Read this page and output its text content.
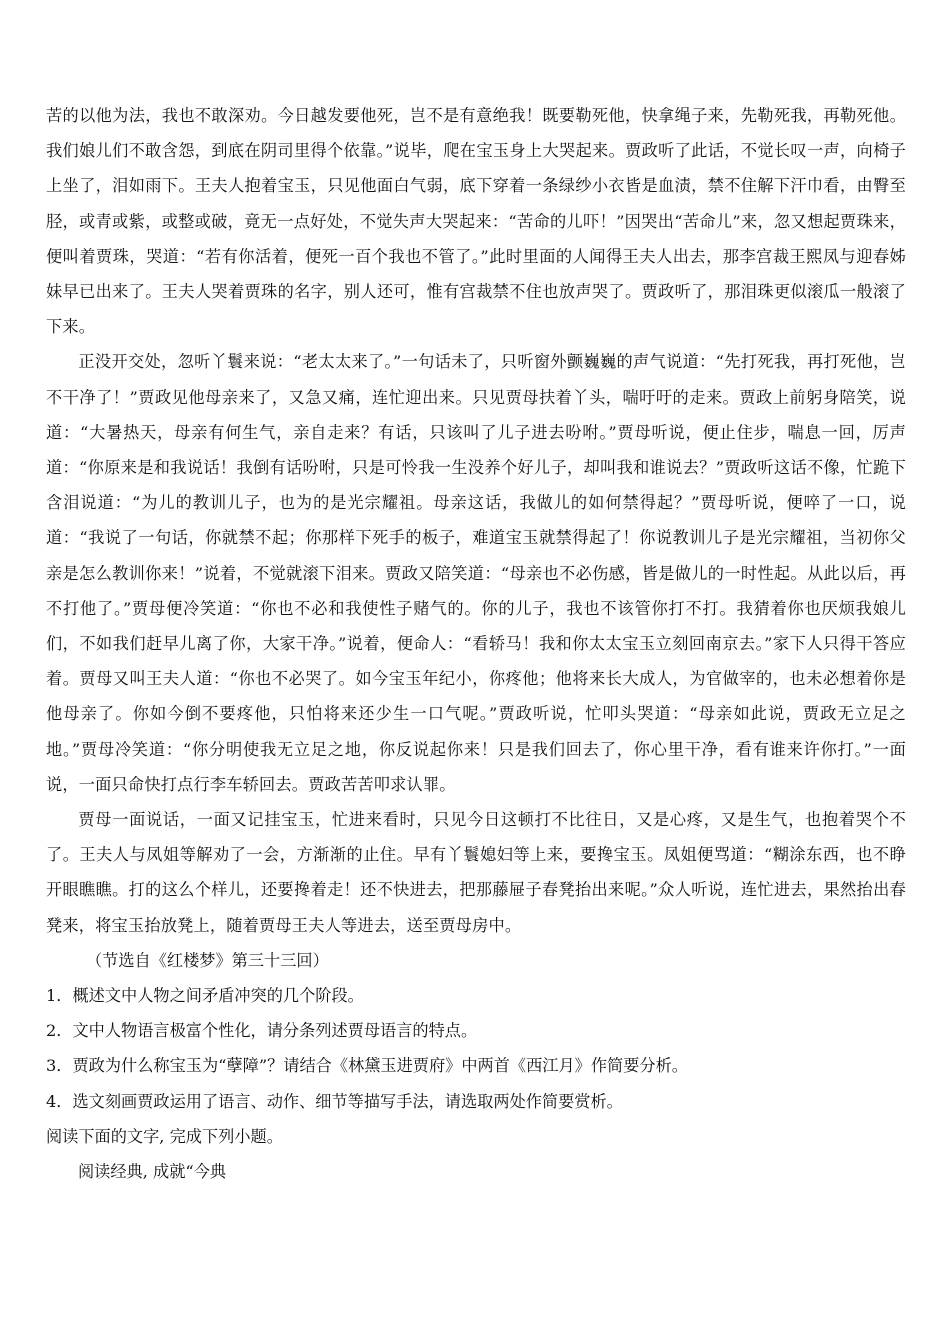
苦的以他为法，我也不敢深劝。今日越发要他死，岂不是有意绝我！既要勒死他，快拿绳子来，先勒死我，再勒死他。我们娘儿们不敢含怨，到底在阴司里得个依靠。”说毕，爬在宝玉身上大哭起来。贾政听了此话，不觉长叹一声，向椅子上坐了，泪如雨下。王夫人抱着宝玉，只见他面白气弱，底下穿着一条绿纱小衣皆是血渍，禁不住解下汗巾看，由臀至胫，或青或紫，或整或破，竟无一点好处，不觉失声大哭起来：“苦命的儿吓！”因哭出“苦命儿”来，忽又想起贾珠来，便叫着贾珠，哭道：“若有你活着，便死一百个我也不管了。”此时里面的人闻得王夫人出去，那李宫裁王熙凤与迎春姊妹早已出来了。王夫人哭着贾珠的名字，别人还可，惟有宫裁禁不住也放声哭了。贾政听了，那泪珠更似滚瓜一般滚了下来。

正没开交处，忽听丫鬟来说：“老太太来了。”一句话未了，只听窗外颤巍巍的声气说道：“先打死我，再打死他，岂不干净了！”贾政见他母亲来了，又急又痛，连忙迎出来。只见贾母扶着丫头，喘吁吁的走来。贾政上前躬身陪笑，说道：“大暑热天，母亲有何生气，亲自走来？有话，只该叫了儿子进去吩咐。”贾母听说，便止住步，喘息一回，厉声道：“你原来是和我说话！我倒有话吩咐，只是可怜我一生没养个好儿子，却叫我和谁说去？”贾政听这话不像，忙跪下含泪说道：“为儿的教训儿子，也为的是光宗耀祖。母亲这话，我做儿的如何禁得起？”贾母听说，便啐了一口，说道：“我说了一句话，你就禁不起；你那样下死手的板子，难道宝玉就禁得起了！你说教训儿子是光宗耀祖，当初你父亲是怎么教训你来！”说着，不觉就滚下泪来。贾政又陪笑道：“母亲也不必伤感，皆是做儿的一时性起。从此以后，再不打他了。”贾母便冷笑道：“你也不必和我使性子赌气的。你的儿子，我也不该管你打不打。我猜着你也厌烦我娘儿们，不如我们赶早儿离了你，大家干净。”说着，便命人：“看轿马！我和你太太宝玉立刻回南京去。”家下人只得干答应着。贾母又叫王夫人道：“你也不必哭了。如今宝玉年纪小，你疼他；他将来长大成人，为官做宰的，也未必想着你是他母亲了。你如今倒不要疼他，只怕将来还少生一口气呢。”贾政听说，忙叩头哭道：“母亲如此说，贾政无立足之地。”贾母冷笑道：“你分明使我无立足之地，你反说起你来！只是我们回去了，你心里干净，看有谁来许你打。”一面说，一面只命快打点行李车轿回去。贾政苦苦叩求认罪。

贾母一面说话，一面又记挂宝玉，忙进来看时，只见今日这顿打不比往日，又是心疼，又是生气，也抱着哭个不了。王夫人与凤姐等解劝了一会，方渐渐的止住。早有丫鬟媳妇等上来，要搀宝玉。凤姐便骂道：“糊涂东西，也不睁开眼瞧瞧。打的这么个样儿，还要搀着走！还不快进去，把那藤屉子春凳抬出来呢。”众人听说，连忙进去，果然抬出春凳来，将宝玉抬放凳上，随着贾母王夫人等进去，送至贾母房中。

（节选自《红楼梦》第三十三回）

1．概述文中人物之间矛盾冲突的几个阶段。

2．文中人物语言极富个性化，请分条列述贾母语言的特点。

3．贾政为什么称宝玉为“孽障”？请结合《林黛玉进贾府》中两首《西江月》作简要分析。

4．选文刻画贾政运用了语言、动作、细节等描写手法，请选取两处作简要赏析。

阅读下面的文字, 完成下列小题。

阅读经典, 成就“今典
